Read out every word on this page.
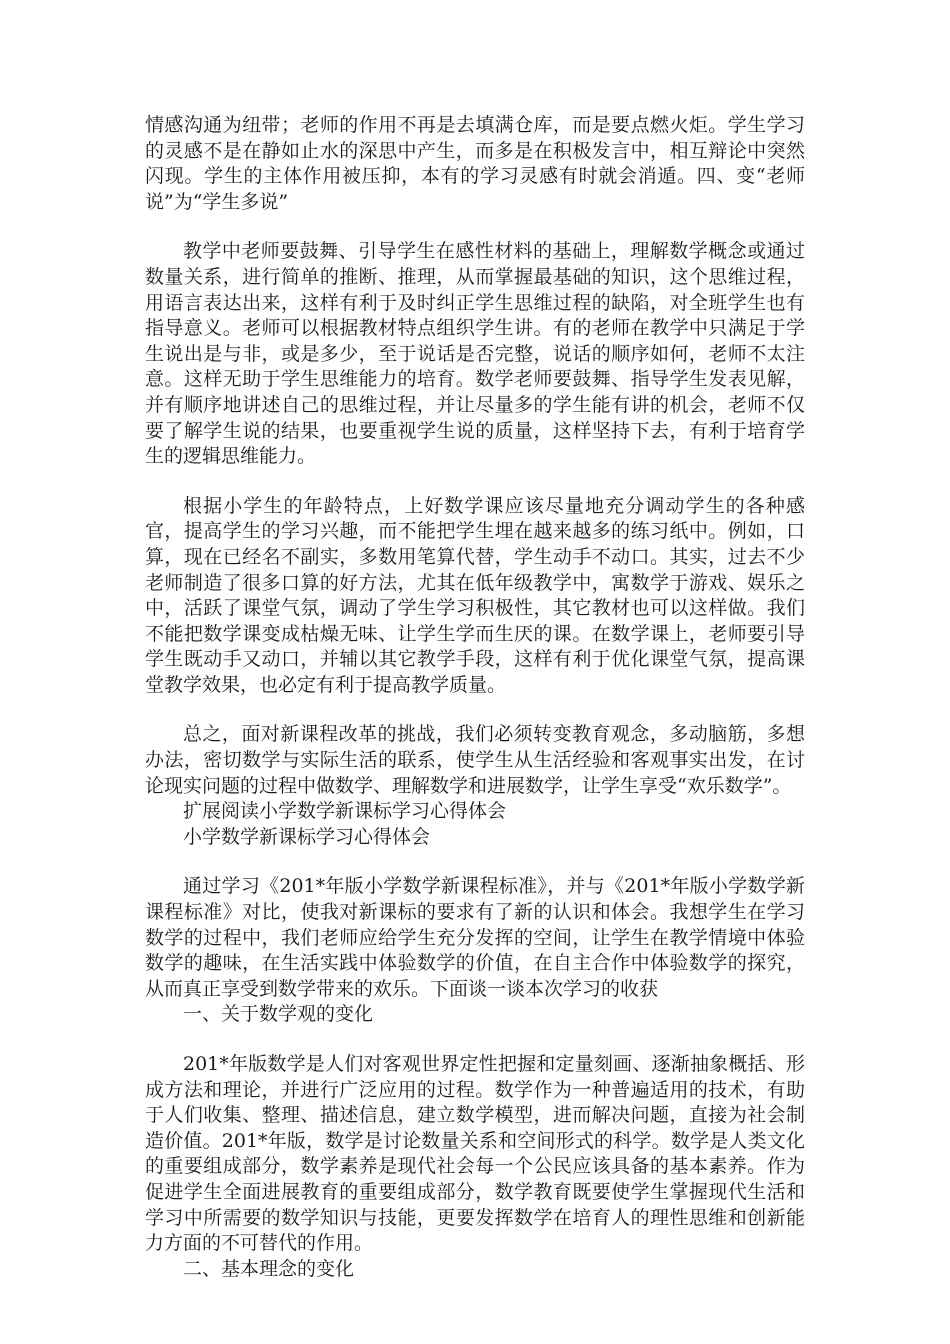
情感沟通为纽带；老师的作用不再是去填满仓库，而是要点燃火炬。学生学习的灵感不是在静如止水的深思中产生，而多是在积极发言中，相互辩论中突然闪现。学生的主体作用被压抑，本有的学习灵感有时就会消遁。四、变“老师说”为“学生多说”

教学中老师要鼓舞、引导学生在感性材料的基础上，理解数学概念或通过数量关系，进行简单的推断、推理，从而掌握最基础的知识，这个思维过程，用语言表达出来，这样有利于及时纠正学生思维过程的缺陷，对全班学生也有指导意义。老师可以根据教材特点组织学生讲。有的老师在教学中只满足于学生说出是与非，或是多少，至于说话是否完整，说话的顺序如何，老师不太注意。这样无助于学生思维能力的培育。数学老师要鼓舞、指导学生发表见解，并有顺序地讲述自己的思维过程，并让尽量多的学生能有讲的机会，老师不仅要了解学生说的结果，也要重视学生说的质量，这样坚持下去，有利于培育学生的逻辑思维能力。

根据小学生的年龄特点，上好数学课应该尽量地充分调动学生的各种感官，提高学生的学习兴趣，而不能把学生埋在越来越多的练习纸中。例如，口算，现在已经名不副实，多数用笔算代替，学生动手不动口。其实，过去不少老师制造了很多口算的好方法，尤其在低年级教学中，寓数学于游戏、娱乐之中，活跃了课堂气氛，调动了学生学习积极性，其它教材也可以这样做。我们不能把数学课变成枯燥无味、让学生学而生厌的课。在数学课上，老师要引导学生既动手又动口，并辅以其它教学手段，这样有利于优化课堂气氛，提高课堂教学效果，也必定有利于提高教学质量。

总之，面对新课程改革的挑战，我们必须转变教育观念，多动脑筋，多想办法，密切数学与实际生活的联系，使学生从生活经验和客观事实出发，在讨论现实问题的过程中做数学、理解数学和进展数学，让学生享受“欢乐数学”。

扩展阅读小学数学新课标学习心得体会

小学数学新课标学习心得体会

通过学习《201*年版小学数学新课程标准》，并与《201*年版小学数学新课程标准》对比，使我对新课标的要求有了新的认识和体会。我想学生在学习数学的过程中，我们老师应给学生充分发挥的空间，让学生在教学情境中体验数学的趣味，在生活实践中体验数学的价值，在自主合作中体验数学的探究，从而真正享受到数学带来的欢乐。下面谈一谈本次学习的收获

一、关于数学观的变化

201*年版数学是人们对客观世界定性把握和定量刻画、逐渐抽象概括、形成方法和理论，并进行广泛应用的过程。数学作为一种普遍适用的技术，有助于人们收集、整理、描述信息，建立数学模型，进而解决问题，直接为社会制造价值。201*年版，数学是讨论数量关系和空间形式的科学。数学是人类文化的重要组成部分，数学素养是现代社会每一个公民应该具备的基本素养。作为促进学生全面进展教育的重要组成部分，数学教育既要使学生掌握现代生活和学习中所需要的数学知识与技能，更要发挥数学在培育人的理性思维和创新能力方面的不可替代的作用。

二、基本理念的变化
